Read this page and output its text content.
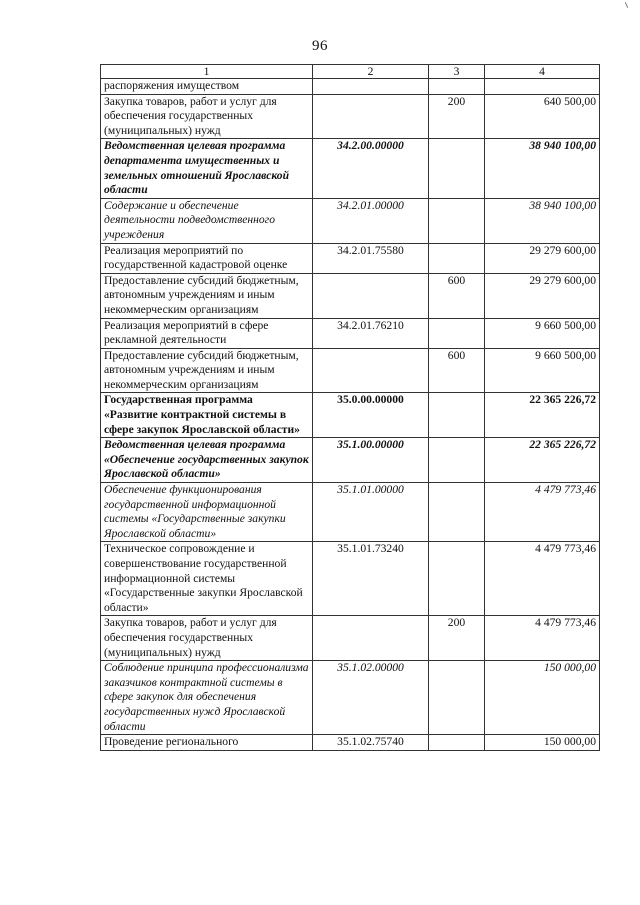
96
1	2	3	4
распоряжения имуществом			
Закупка товаров, работ и услуг для обеспечения государственных (муниципальных) нужд		200	640 500,00
Ведомственная целевая программа департамента имущественных и земельных отношений Ярославской области	34.2.00.00000		38 940 100,00
Содержание и обеспечение деятельности подведомственного учреждения	34.2.01.00000		38 940 100,00
Реализация мероприятий по государственной кадастровой оценке	34.2.01.75580		29 279 600,00
Предоставление субсидий бюджетным, автономным учреждениям и иным некоммерческим организациям		600	29 279 600,00
Реализация мероприятий в сфере рекламной деятельности	34.2.01.76210		9 660 500,00
Предоставление субсидий бюджетным, автономным учреждениям и иным некоммерческим организациям		600	9 660 500,00
Государственная программа «Развитие контрактной системы в сфере закупок Ярославской области»	35.0.00.00000		22 365 226,72
Ведомственная целевая программа «Обеспечение государственных закупок Ярославской области»	35.1.00.00000		22 365 226,72
Обеспечение функционирования государственной информационной системы «Государственные закупки Ярославской области»	35.1.01.00000		4 479 773,46
Техническое сопровождение и совершенствование государственной информационной системы «Государственные закупки Ярославской области»	35.1.01.73240		4 479 773,46
Закупка товаров, работ и услуг для обеспечения государственных (муниципальных) нужд		200	4 479 773,46
Соблюдение принципа профессионализма заказчиков контрактной системы в сфере закупок для обеспечения государственных нужд Ярославской области	35.1.02.00000		150 000,00
Проведение регионального	35.1.02.75740		150 000,00
